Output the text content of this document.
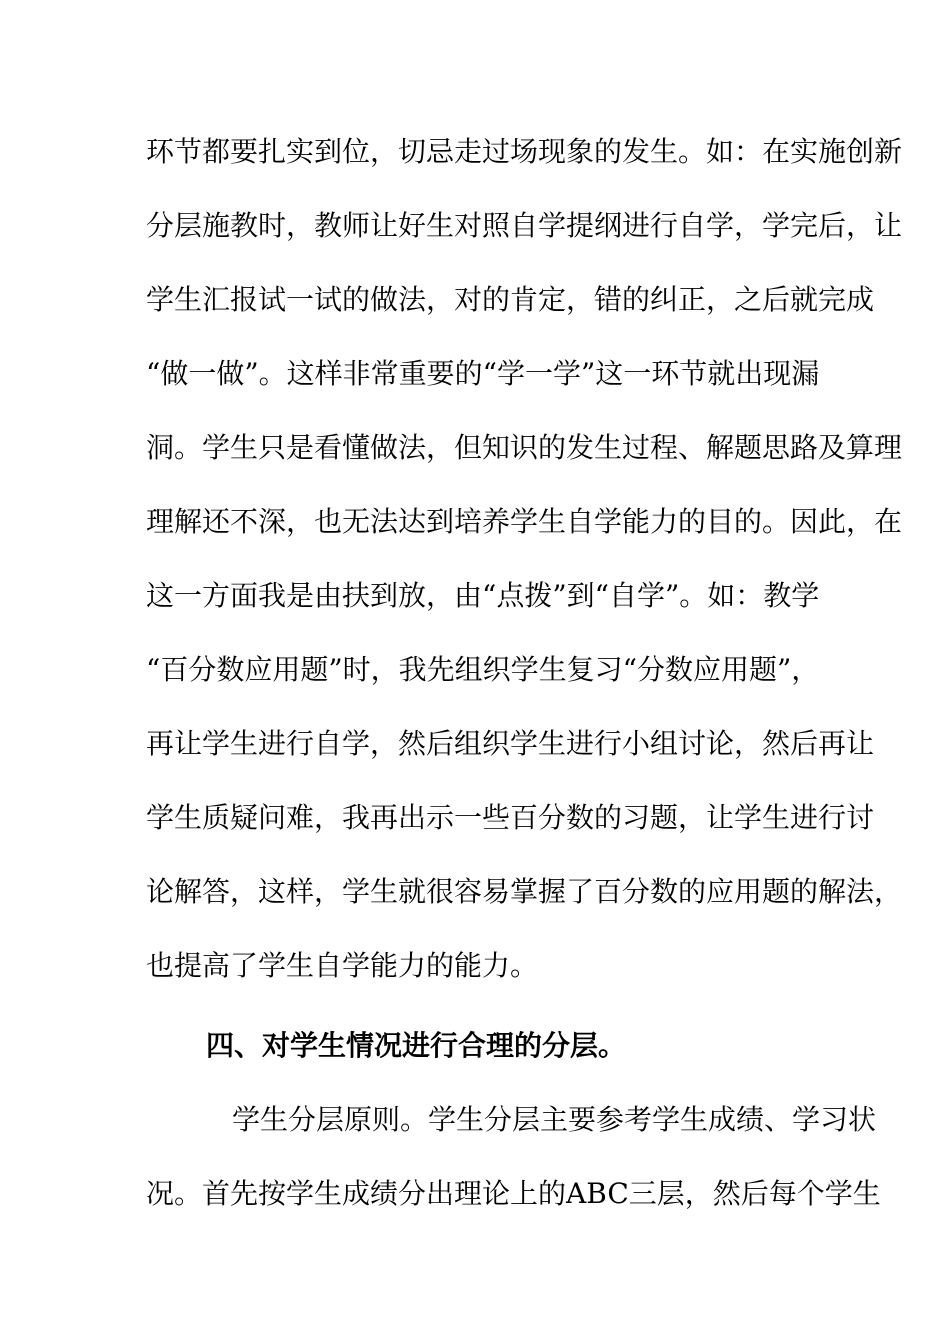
环节都要扎实到位，切忌走过场现象的发生。如：在实施创新
分层施教时，教师让好生对照自学提纲进行自学，学完后，让
学生汇报试一试的做法，对的肯定，错的纠正，之后就完成
“做一做”。这样非常重要的“学一学”这一环节就出现漏
洞。学生只是看懂做法，但知识的发生过程、解题思路及算理
理解还不深，也无法达到培养学生自学能力的目的。因此，在
这一方面我是由扶到放，由“点拨”到“自学”。如：教学
“百分数应用题”时，我先组织学生复习“分数应用题”，
再让学生进行自学，然后组织学生进行小组讨论，然后再让
学生质疑问难，我再出示一些百分数的习题，让学生进行讨
论解答，这样，学生就很容易掌握了百分数的应用题的解法，
也提高了学生自学能力的能力。
四、对学生情况进行合理的分层。
学生分层原则。学生分层主要参考学生成绩、学习状
况。首先按学生成绩分出理论上的ABC三层，然后每个学生
